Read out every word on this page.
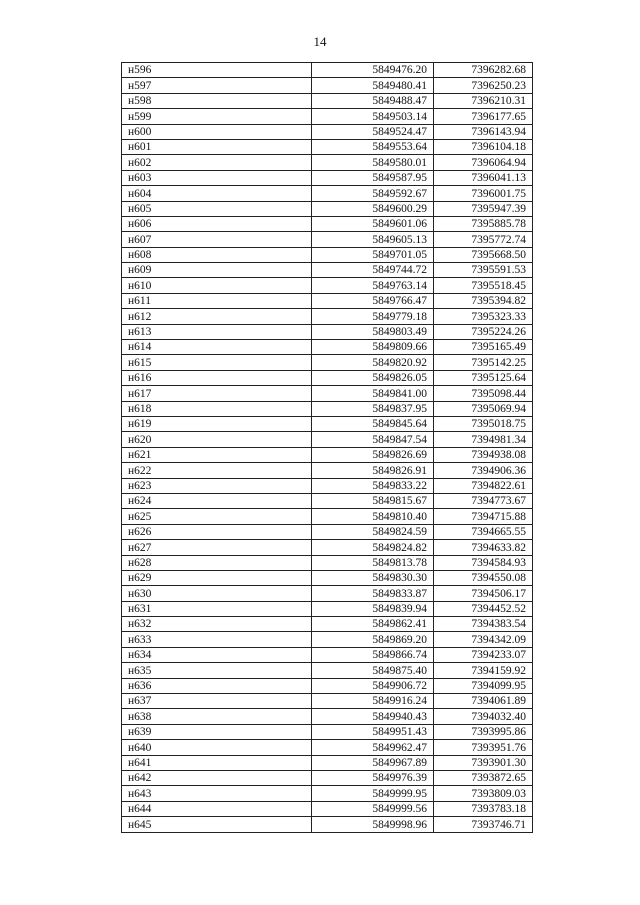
14
н596	5849476.20	7396282.68
н597	5849480.41	7396250.23
н598	5849488.47	7396210.31
н599	5849503.14	7396177.65
н600	5849524.47	7396143.94
н601	5849553.64	7396104.18
н602	5849580.01	7396064.94
н603	5849587.95	7396041.13
н604	5849592.67	7396001.75
н605	5849600.29	7395947.39
н606	5849601.06	7395885.78
н607	5849605.13	7395772.74
н608	5849701.05	7395668.50
н609	5849744.72	7395591.53
н610	5849763.14	7395518.45
н611	5849766.47	7395394.82
н612	5849779.18	7395323.33
н613	5849803.49	7395224.26
н614	5849809.66	7395165.49
н615	5849820.92	7395142.25
н616	5849826.05	7395125.64
н617	5849841.00	7395098.44
н618	5849837.95	7395069.94
н619	5849845.64	7395018.75
н620	5849847.54	7394981.34
н621	5849826.69	7394938.08
н622	5849826.91	7394906.36
н623	5849833.22	7394822.61
н624	5849815.67	7394773.67
н625	5849810.40	7394715.88
н626	5849824.59	7394665.55
н627	5849824.82	7394633.82
н628	5849813.78	7394584.93
н629	5849830.30	7394550.08
н630	5849833.87	7394506.17
н631	5849839.94	7394452.52
н632	5849862.41	7394383.54
н633	5849869.20	7394342.09
н634	5849866.74	7394233.07
н635	5849875.40	7394159.92
н636	5849906.72	7394099.95
н637	5849916.24	7394061.89
н638	5849940.43	7394032.40
н639	5849951.43	7393995.86
н640	5849962.47	7393951.76
н641	5849967.89	7393901.30
н642	5849976.39	7393872.65
н643	5849999.95	7393809.03
н644	5849999.56	7393783.18
н645	5849998.96	7393746.71
